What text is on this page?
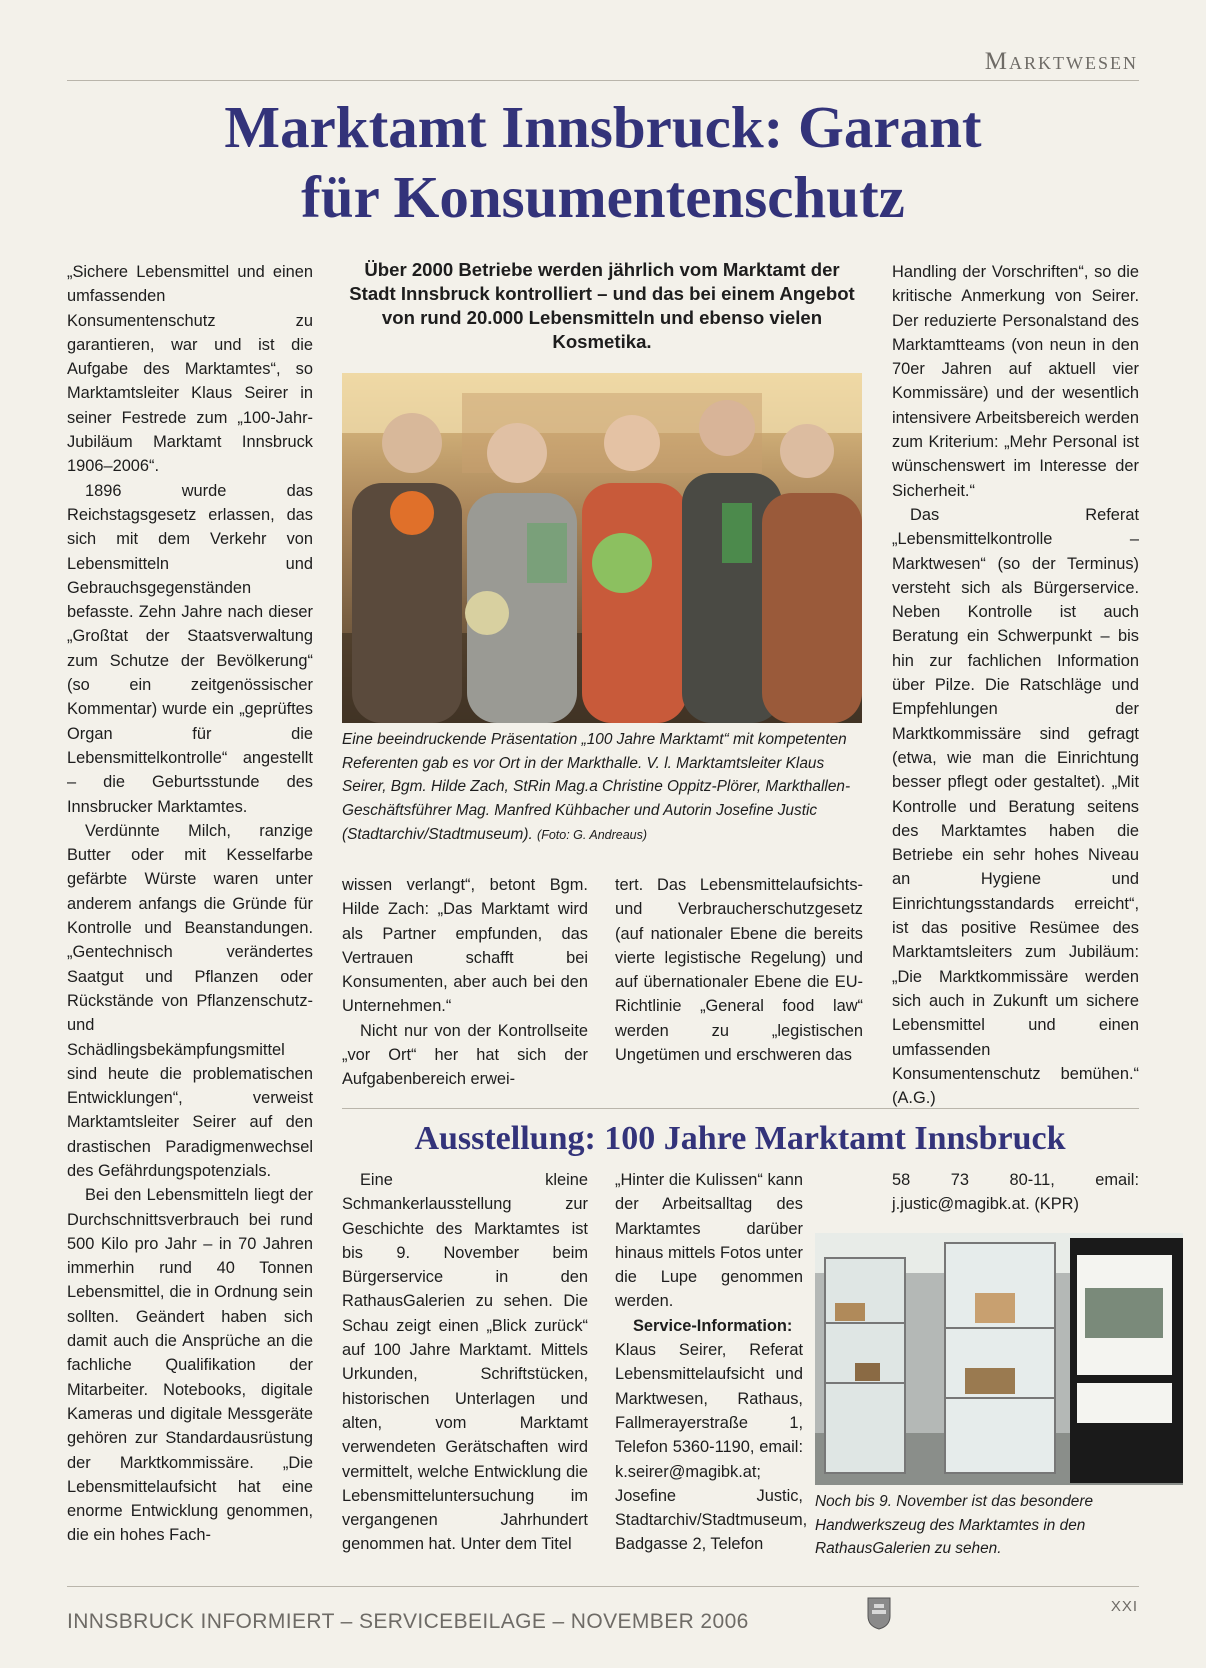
Marktwesen
Marktamt Innsbruck: Garant
für Konsumentenschutz

„Sichere Lebensmittel und einen umfassenden Konsumentenschutz zu garantieren, war und ist die Aufgabe des Marktamtes“, so Marktamtsleiter Klaus Seirer in seiner Festrede zum „100-Jahr-Jubiläum Marktamt Innsbruck 1906–2006“.

1896 wurde das Reichstagsgesetz erlassen, das sich mit dem Verkehr von Lebensmitteln und Gebrauchsgegenständen befasste. Zehn Jahre nach dieser „Großtat der Staatsverwaltung zum Schutze der Bevölkerung“ (so ein zeitgenössischer Kommentar) wurde ein „geprüftes Organ für die Lebensmittelkontrolle“ angestellt – die Geburtsstunde des Innsbrucker Marktamtes.

Verdünnte Milch, ranzige Butter oder mit Kesselfarbe gefärbte Würste waren unter anderem anfangs die Gründe für Kontrolle und Beanstandungen. „Gentechnisch verändertes Saatgut und Pflanzen oder Rückstände von Pflanzenschutz- und Schädlingsbekämpfungsmittel sind heute die problematischen Entwicklungen“, verweist Marktamtsleiter Seirer auf den drastischen Paradigmenwechsel des Gefährdungspotenzials.

Bei den Lebensmitteln liegt der Durchschnittsverbrauch bei rund 500 Kilo pro Jahr – in 70 Jahren immerhin rund 40 Tonnen Lebensmittel, die in Ordnung sein sollten. Geändert haben sich damit auch die Ansprüche an die fachliche Qualifikation der Mitarbeiter. Notebooks, digitale Kameras und digitale Messgeräte gehören zur Standardausrüstung der Marktkommissäre. „Die Lebensmittelaufsicht hat eine enorme Entwicklung genommen, die ein hohes Fach-

Über 2000 Betriebe werden jährlich vom Marktamt der Stadt Innsbruck kontrolliert – und das bei einem Angebot von rund 20.000 Lebensmitteln und ebenso vielen Kosmetika.
Eine beeindruckende Präsentation „100 Jahre Marktamt“ mit kompetenten Referenten gab es vor Ort in der Markthalle. V. l. Marktamtsleiter Klaus Seirer, Bgm. Hilde Zach, StRin Mag.a Christine Oppitz-Plörer, Markthallen-Geschäftsführer Mag. Manfred Kühbacher und Autorin Josefine Justic (Stadtarchiv/Stadtmuseum). (Foto: G. Andreaus)

wissen verlangt“, betont Bgm. Hilde Zach: „Das Marktamt wird als Partner empfunden, das Vertrauen schafft bei Konsumenten, aber auch bei den Unternehmen.“

Nicht nur von der Kontrollseite „vor Ort“ her hat sich der Aufgabenbereich erwei-

tert. Das Lebensmittelaufsichts- und Verbraucherschutzgesetz (auf nationaler Ebene die bereits vierte legistische Regelung) und auf übernationaler Ebene die EU-Richtlinie „General food law“ werden zu „legistischen Ungetümen und erschweren das

Handling der Vorschriften“, so die kritische Anmerkung von Seirer. Der reduzierte Personalstand des Marktamtteams (von neun in den 70er Jahren auf aktuell vier Kommissäre) und der wesentlich intensivere Arbeitsbereich werden zum Kriterium: „Mehr Personal ist wünschenswert im Interesse der Sicherheit.“

Das Referat „Lebensmittelkontrolle – Marktwesen“ (so der Terminus) versteht sich als Bürgerservice. Neben Kontrolle ist auch Beratung ein Schwerpunkt – bis hin zur fachlichen Information über Pilze. Die Ratschläge und Empfehlungen der Marktkommissäre sind gefragt (etwa, wie man die Einrichtung besser pflegt oder gestaltet). „Mit Kontrolle und Beratung seitens des Marktamtes haben die Betriebe ein sehr hohes Niveau an Hygiene und Einrichtungsstandards erreicht“, ist das positive Resümee des Marktamtsleiters zum Jubiläum: „Die Marktkommissäre werden sich auch in Zukunft um sichere Lebensmittel und einen umfassenden Konsumentenschutz bemühen.“ (A.G.)

Ausstellung: 100 Jahre Marktamt Innsbruck

Eine kleine Schmankerlausstellung zur Geschichte des Marktamtes ist bis 9. November beim Bürgerservice in den RathausGalerien zu sehen. Die Schau zeigt einen „Blick zurück“ auf 100 Jahre Marktamt. Mittels Urkunden, Schriftstücken, historischen Unterlagen und alten, vom Marktamt verwendeten Gerätschaften wird vermittelt, welche Entwicklung die Lebensmitteluntersuchung im vergangenen Jahrhundert genommen hat. Unter dem Titel

„Hinter die Kulissen“ kann der Arbeitsalltag des Marktamtes darüber hinaus mittels Fotos unter die Lupe genommen werden.

Service-Information: Klaus Seirer, Referat Lebensmittelaufsicht und Marktwesen, Rathaus, Fallmerayerstraße 1, Telefon 5360-1190, email: k.seirer@magibk.at; Josefine Justic, Stadtarchiv/Stadtmuseum, Badgasse 2, Telefon

58 73 80-11, email: j.justic@magibk.at. (KPR)

Noch bis 9. November ist das besondere Handwerkszeug des Marktamtes in den RathausGalerien zu sehen.
INNSBRUCK INFORMIERT – SERVICEBEILAGE – NOVEMBER 2006
XXI
